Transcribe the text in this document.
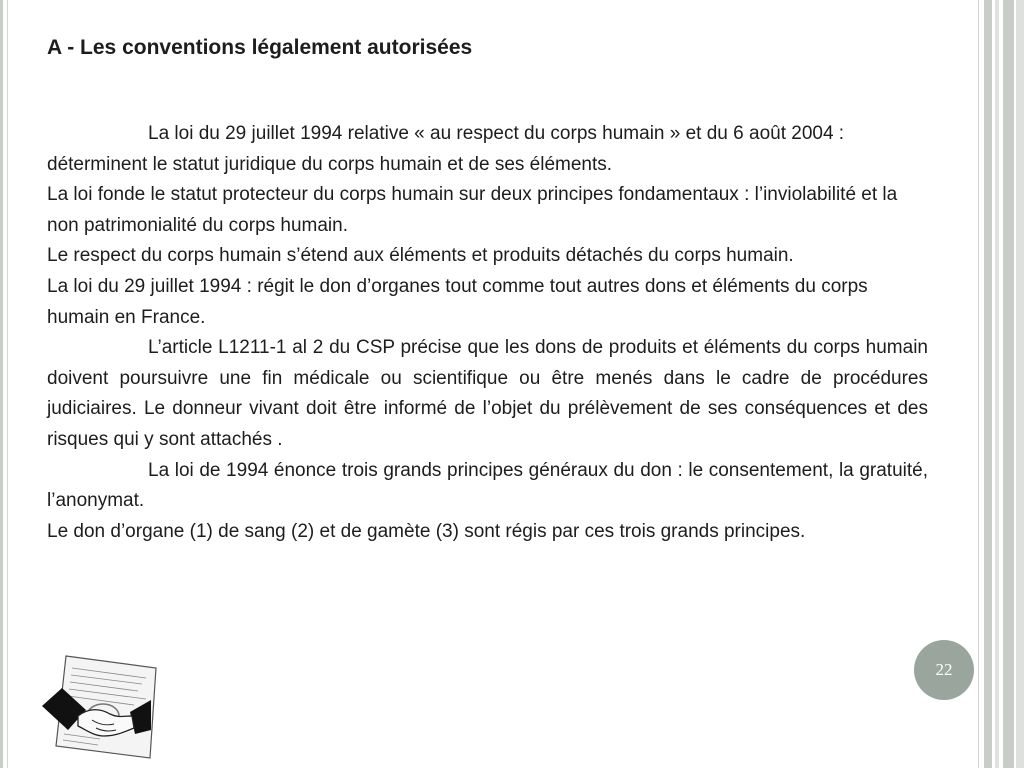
A - Les conventions légalement autorisées

La loi du 29 juillet 1994 relative « au respect du corps humain » et du 6 août 2004 : déterminent le statut juridique du corps humain et de ses éléments.

La loi fonde le statut protecteur du corps humain sur deux principes fondamentaux : l’inviolabilité et la non patrimonialité du corps humain.

Le respect du corps humain s’étend aux éléments et produits détachés du corps humain.

La loi du 29 juillet 1994 : régit le don d’organes tout comme tout autres dons et éléments du corps humain en France.

L’article L1211-1 al 2 du CSP précise que les dons de produits et éléments du corps humain doivent poursuivre une fin médicale ou scientifique ou être menés dans le cadre de procédures judiciaires. Le donneur vivant doit être informé de l’objet du prélèvement de ses conséquences et des risques qui y sont attachés .

La loi de 1994 énonce trois grands principes généraux du don : le consentement, la gratuité, l’anonymat.

Le don d’organe (1) de sang (2) et de gamète (3) sont régis par ces trois grands principes.

22
